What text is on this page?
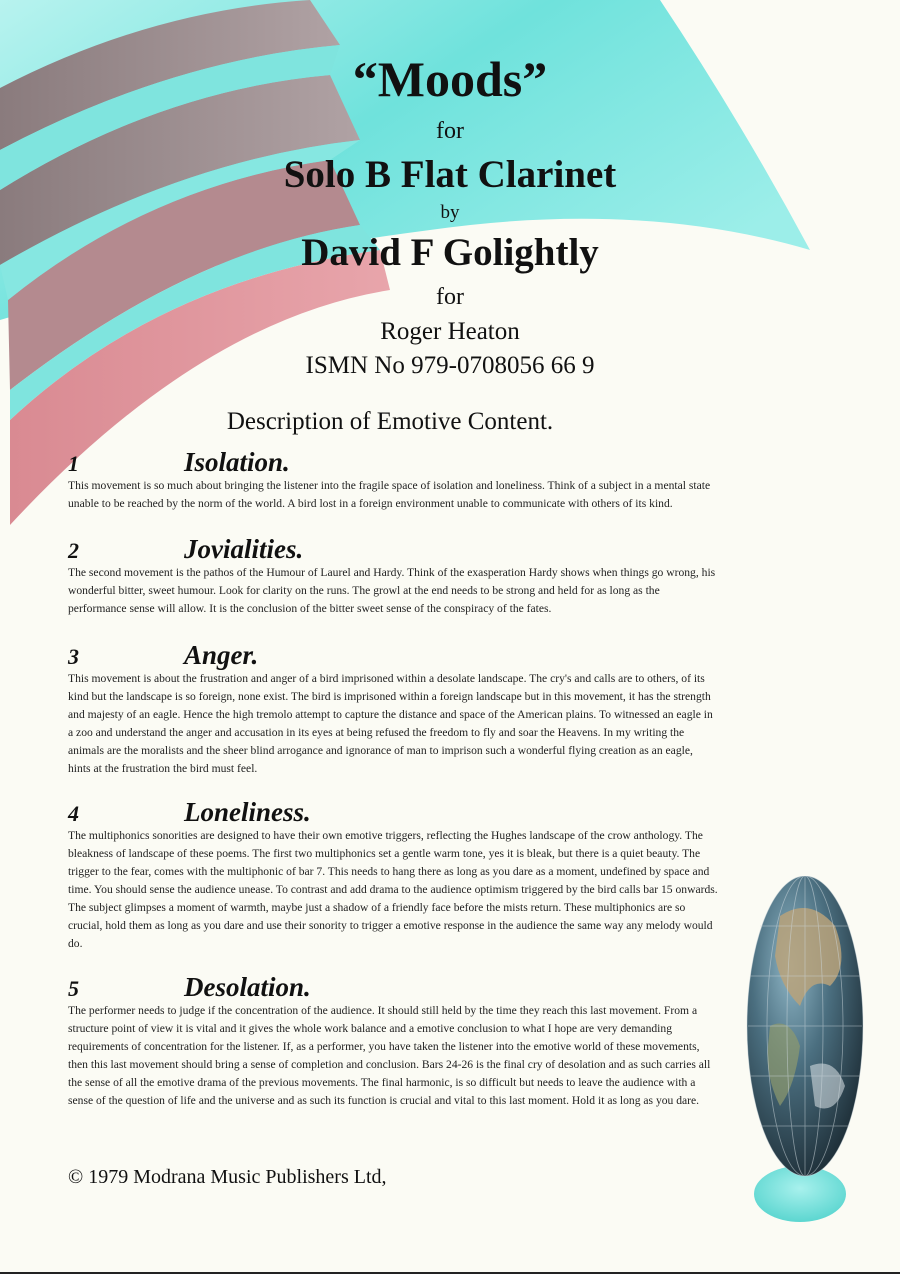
“Moods”
for
Solo B Flat Clarinet
by
David F Golightly
for
Roger Heaton
ISMN No 979-0708056 66 9
Description of Emotive Content.
1	Isolation.

This movement is so much about bringing the listener into the fragile space of isolation and loneliness. Think of a subject in a mental state unable to be reached by the norm of the world. A bird lost in a foreign environment unable to communicate with others of its kind.

2	Jovialities.

The second movement is the pathos of the Humour of Laurel and Hardy. Think of the exasperation Hardy shows when things go wrong, his wonderful bitter, sweet humour. Look for clarity on the runs. The growl at the end needs to be strong and held for as long as the performance sense will allow. It is the conclusion of the bitter sweet sense of the conspiracy of the fates.

3	Anger.

This movement is about the frustration and anger of a bird imprisoned within a desolate landscape. The cry's and calls are to others, of its kind but the landscape is so foreign, none exist. The bird is imprisoned within a foreign landscape but in this movement, it has the strength and majesty of an eagle. Hence the high tremolo attempt to capture the distance and space of the American plains. To witnessed an eagle in a zoo and understand the anger and accusation in its eyes at being refused the freedom to fly and soar the Heavens. In my writing the animals are the moralists and the sheer blind arrogance and ignorance of man to imprison such a wonderful flying creation as an eagle, hints at the frustration the bird must feel.

4	Loneliness.

The multiphonics sonorities are designed to have their own emotive triggers, reflecting the Hughes landscape of the crow anthology. The bleakness of landscape of these poems. The first two multiphonics set a gentle warm tone, yes it is bleak, but there is a quiet beauty. The trigger to the fear, comes with the multiphonic of bar 7. This needs to hang there as long as you dare as a moment, undefined by space and time. You should sense the audience unease. To contrast and add drama to the audience optimism triggered by the bird calls bar 15 onwards. The subject glimpses a moment of warmth, maybe just a shadow of a friendly face before the mists return. These multiphonics are so crucial, hold them as long as you dare and use their sonority to trigger a emotive response in the audience the same way any melody would do.

5	Desolation.

The performer needs to judge if the concentration of the audience. It should still held by the time they reach this last movement. From a structure point of view it is vital and it gives the whole work balance and a emotive conclusion to what I hope are very demanding requirements of concentration for the listener. If, as a performer, you have taken the listener into the emotive world of these movements, then this last movement should bring a sense of completion and conclusion. Bars 24-26 is the final cry of desolation and as such carries all the sense of all the emotive drama of the previous movements. The final harmonic, is so difficult but needs to leave the audience with a sense of the question of life and the universe and as such its function is crucial and vital to this last moment. Hold it as long as you dare.

© 1979 Modrana Music Publishers Ltd,
